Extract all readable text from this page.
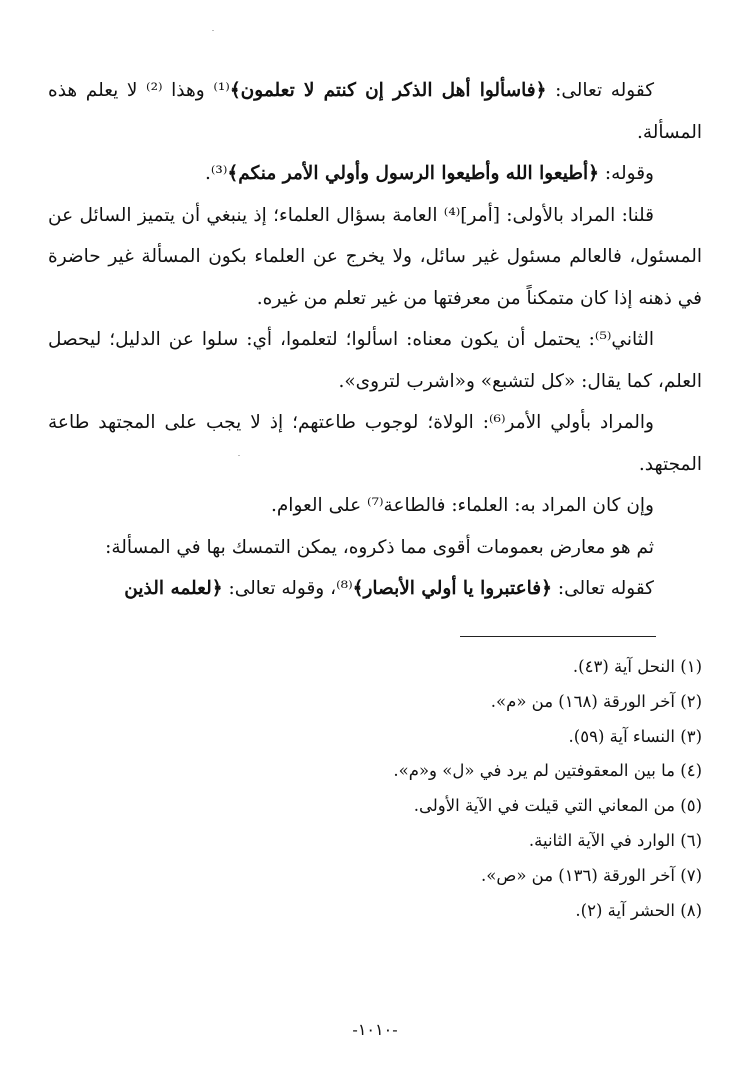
كقوله تعالى: ﴿فاسألوا أهل الذكر إن كنتم لا تعلمون﴾⁽¹⁾ وهذا ⁽²⁾ لا يعلم هذه المسألة.

وقوله: ﴿أطيعوا الله وأطيعوا الرسول وأولي الأمر منكم﴾⁽³⁾.

قلنا: المراد بالأولى: [أمر]⁽⁴⁾ العامة بسؤال العلماء؛ إذ ينبغي أن يتميز السائل عن المسئول، فالعالم مسئول غير سائل، ولا يخرج عن العلماء بكون المسألة غير حاضرة في ذهنه إذا كان متمكناً من معرفتها من غير تعلم من غيره.

الثاني⁽⁵⁾: يحتمل أن يكون معناه: اسألوا؛ لتعلموا، أي: سلوا عن الدليل؛ ليحصل العلم، كما يقال: «كل لتشبع» و«اشرب لتروى».

والمراد بأولي الأمر⁽⁶⁾: الولاة؛ لوجوب طاعتهم؛ إذ لا يجب على المجتهد طاعة المجتهد.

وإن كان المراد به: العلماء: فالطاعة⁽⁷⁾ على العوام.

ثم هو معارض بعمومات أقوى مما ذكروه، يمكن التمسك بها في المسألة:

كقوله تعالى: ﴿فاعتبروا يا أولي الأبصار﴾⁽⁸⁾، وقوله تعالى: ﴿لعلمه الذين

(١) النحل آية (٤٣).
(٢) آخر الورقة (١٦٨) من «م».
(٣) النساء آية (٥٩).
(٤) ما بين المعقوفتين لم يرد في «ل» و«م».
(٥) من المعاني التي قيلت في الآية الأولى.
(٦) الوارد في الآية الثانية.
(٧) آخر الورقة (١٣٦) من «ص».
(٨) الحشر آية (٢).
-١٠١٠-
